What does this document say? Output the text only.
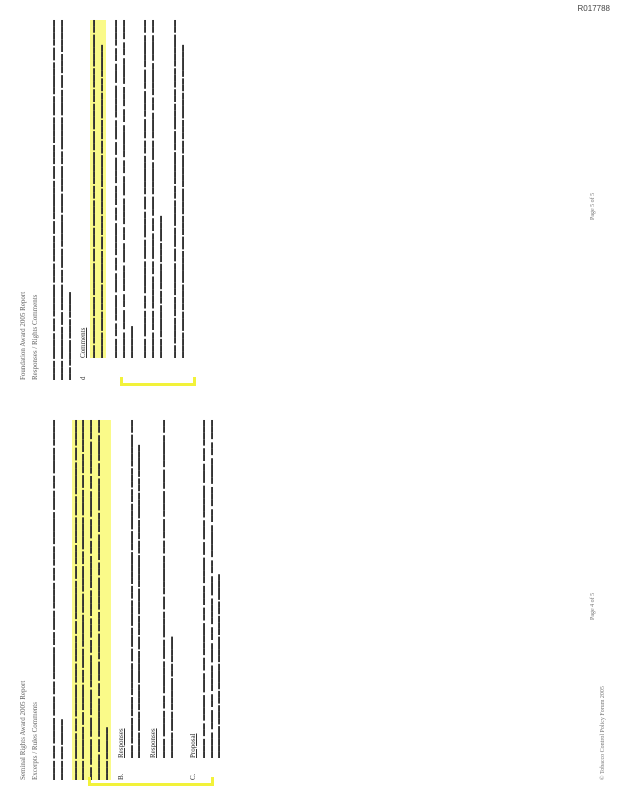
R017788
Seminal Rights Award 2005 Report Excerpts / Rules Comments ▬▬▬ ▬▬ ▬▬▬▬ ▬▬▬ ▬▬ ▬▬▬▬▬ ▬▬ ▬▬▬ ▬▬▬▬ ▬▬ ▬▬▬ ▬▬▬▬▬ ▬▬▬ ▬▬ ▬▬▬▬ ▬▬▬▬ ▬▬▬ ▬▬ ▬▬▬▬ ▬▬▬ ▬▬▬▬ ▬▬ ▬▬▬▬▬ ▬▬▬ ▬▬▬▬ ▬▬ ▬▬▬▬▬▬ ▬▬ ▬▬▬ ▬▬▬▬ ▬▬▬ ▬▬▬▬▬ ▬▬ ▬▬▬▬ ▬▬▬ ▬▬▬▬▬ ▬▬ ▬▬▬▬ ▬▬ ▬▬▬ ▬▬▬▬▬ ▬▬▬ ▬▬▬▬ ▬▬ ▬▬▬▬▬ ▬▬▬▬ ▬▬ ▬▬▬ ▬▬▬▬▬ ▬▬ ▬▬▬▬ ▬▬▬ ▬▬▬▬ ▬▬▬▬▬ ▬▬ ▬▬▬ ▬▬▬▬ ▬▬▬▬▬ ▬▬ ▬▬▬ ▬▬▬▬ ▬▬ ▬▬▬▬▬ ▬▬▬ ▬▬▬▬ ▬▬ ▬▬▬▬▬▬ ▬▬ ▬▬▬ ▬▬▬▬ ▬▬▬ ▬▬▬▬▬ ▬▬ ▬▬▬▬ ▬▬▬ ▬▬▬▬▬ ▬▬ ▬▬▬▬ ▬▬ ▬▬▬ ▬▬▬▬▬ B.
Responses ▬▬ ▬▬▬▬ ▬▬▬ ▬▬▬▬▬ ▬▬ ▬▬▬ ▬▬▬▬ ▬▬ ▬▬▬▬▬ ▬▬▬ ▬▬▬▬ ▬▬ ▬▬▬ ▬▬▬▬▬ ▬▬ ▬▬▬▬ ▬▬▬ ▬▬▬▬ ▬▬▬▬▬ ▬▬ ▬▬▬ ▬▬▬▬ ▬▬▬▬▬ ▬▬ ▬▬▬ ▬▬▬▬ ▬▬ ▬▬▬▬▬ Responses ▬▬▬ ▬▬▬▬ ▬▬ ▬▬▬▬▬ ▬▬▬ ▬▬▬▬ ▬▬ ▬▬▬▬▬▬ ▬▬ ▬▬▬ ▬▬▬▬ ▬▬▬ ▬▬▬▬▬ ▬▬ ▬▬▬▬ ▬▬▬ ▬▬▬▬▬ ▬▬ ▬▬▬▬

C.
Proposal ▬▬▬ ▬▬ ▬▬▬▬ ▬▬▬ ▬▬ ▬▬▬▬▬ ▬▬ ▬▬▬ ▬▬▬▬ ▬▬ ▬▬▬ ▬▬▬▬▬ ▬▬▬ ▬▬ ▬▬▬▬ ▬▬▬▬ ▬▬▬ ▬▬ ▬▬▬▬ ▬▬▬ ▬▬ ▬▬▬▬ ▬▬▬ ▬▬ ▬▬▬▬▬ ▬▬ ▬▬▬ ▬▬▬▬ ▬▬ ▬▬▬ ▬▬▬▬▬ ▬▬▬ ▬▬ ▬▬▬▬ ▬▬▬▬ ▬▬▬ ▬▬ ▬▬▬▬	Page 4 of 5
© Tobacco Control Policy Forum 2005
Foundation Award 2005 Report Responses / Rights Comments ▬▬▬ ▬▬▬▬ ▬▬ ▬▬▬▬▬ ▬▬▬ ▬▬▬▬ ▬▬ ▬▬▬▬▬▬ ▬▬ ▬▬▬ ▬▬▬▬ ▬▬▬ ▬▬▬▬▬ ▬▬ ▬▬▬▬ ▬▬▬ ▬▬▬▬▬ ▬▬ ▬▬▬▬ ▬▬ ▬▬▬ ▬▬▬▬▬ ▬▬▬ ▬▬▬▬ ▬▬ ▬▬▬▬▬ ▬▬▬▬ ▬▬ ▬▬▬ ▬▬▬▬▬ ▬▬ ▬▬▬▬ ▬▬▬ ▬▬▬▬ d
Comments ▬▬ ▬▬▬▬ ▬▬▬ ▬▬▬▬▬ ▬▬ ▬▬▬ ▬▬▬▬ ▬▬ ▬▬▬▬▬ ▬▬▬ ▬▬▬▬ ▬▬ ▬▬▬ ▬▬▬▬▬ ▬▬ ▬▬▬▬ ▬▬▬ ▬▬▬▬ ▬▬▬▬▬ ▬▬ ▬▬▬ ▬▬▬▬ ▬▬▬▬▬ ▬▬ ▬▬▬ ▬▬▬▬ ▬▬ ▬▬▬▬▬ ▬▬▬ ▬▬ ▬▬▬▬ ▬▬▬ ▬▬ ▬▬▬▬▬ ▬▬ ▬▬▬ ▬▬▬▬ ▬▬ ▬▬▬ ▬▬▬▬▬ ▬▬▬ ▬▬ ▬▬▬▬ ▬▬▬▬ ▬▬▬ ▬▬ ▬▬▬▬ ▬▬▬ ▬▬ ▬▬▬▬ ▬▬▬ ▬▬ ▬▬▬▬▬ ▬▬ ▬▬▬ ▬▬▬▬ ▬▬ ▬▬▬ ▬▬▬▬▬ ▬▬▬ ▬▬▬▬ ▬▬ ▬▬▬▬▬ ▬▬▬ ▬▬▬▬ ▬▬ ▬▬▬▬▬▬ ▬▬ ▬▬▬ ▬▬▬▬ ▬▬▬ ▬▬▬▬▬ ▬▬ ▬▬▬▬ ▬▬▬ ▬▬▬▬▬ ▬▬ ▬▬▬▬ ▬▬ ▬▬▬ ▬▬▬▬▬ ▬▬▬ ▬▬▬▬ ▬▬ ▬▬▬▬▬ ▬▬▬▬ ▬▬ ▬▬▬ ▬▬▬▬▬ ▬▬ ▬▬▬▬ ▬▬▬ ▬▬▬▬ ▬▬ ▬▬▬▬ ▬▬▬ ▬▬▬▬▬ ▬▬ ▬▬▬ ▬▬▬▬ ▬▬ ▬▬▬▬▬ ▬▬▬ ▬▬▬▬ ▬▬ ▬▬▬ ▬▬▬▬▬ ▬▬ ▬▬▬▬ ▬▬▬ ▬▬▬▬ ▬▬▬▬▬ ▬▬ ▬▬▬ ▬▬▬▬ ▬▬▬▬▬ ▬▬ ▬▬▬ ▬▬▬▬ ▬▬ ▬▬▬▬▬	Page 5 of 5
